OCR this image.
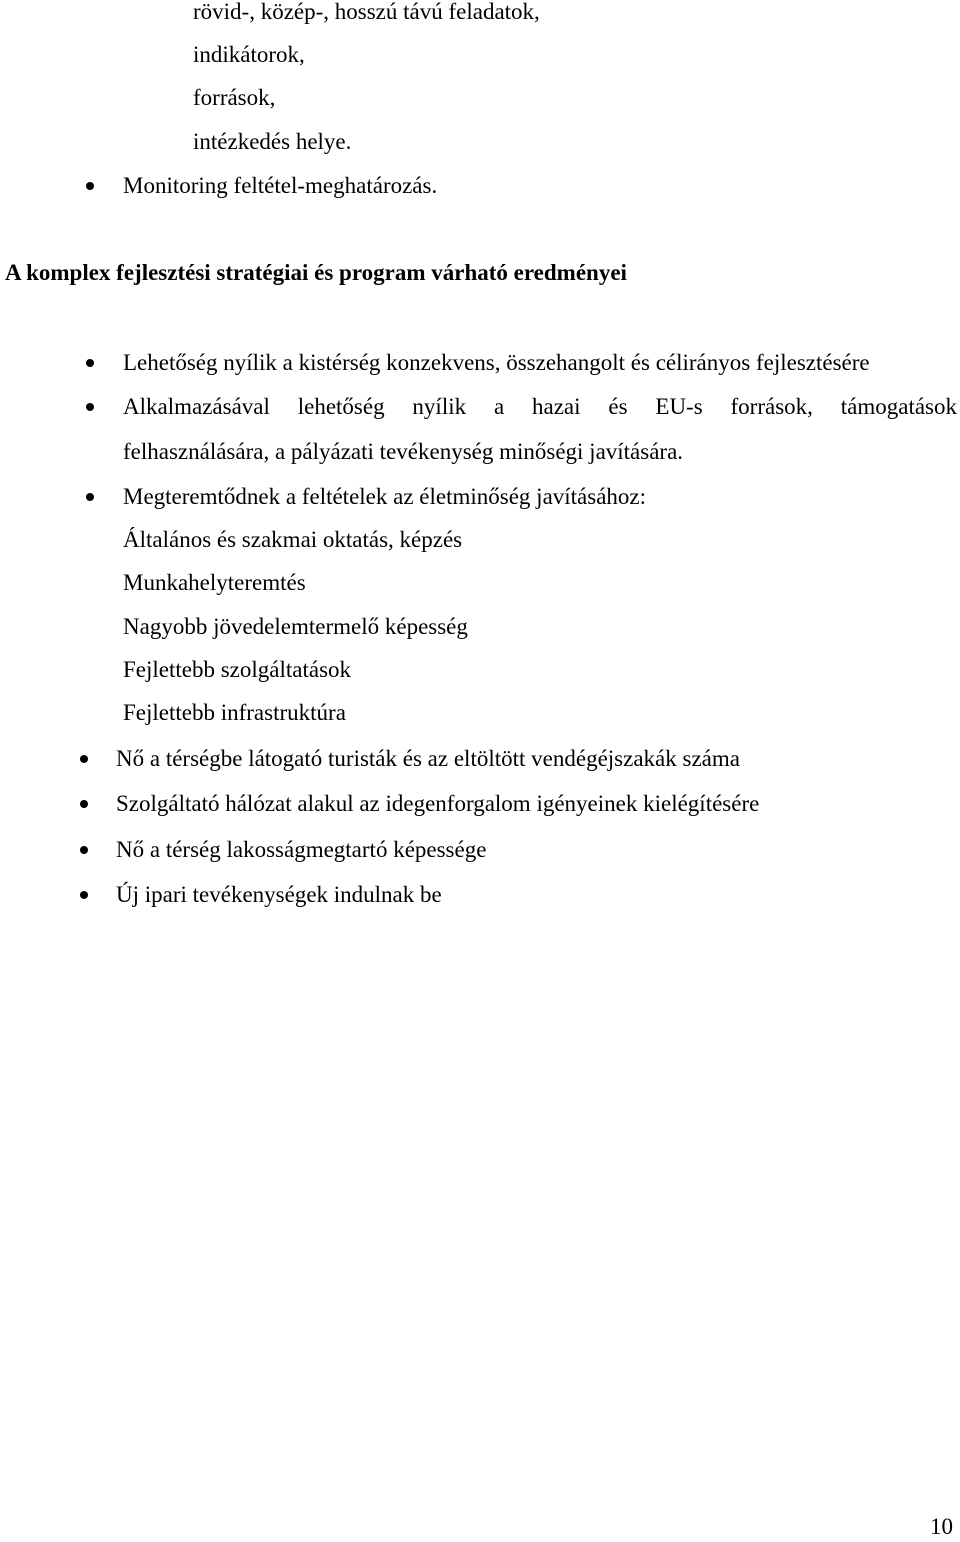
rövid-, közép-, hosszú távú feladatok,
indikátorok,
források,
intézkedés helye.
Monitoring feltétel-meghatározás.
A komplex fejlesztési stratégiai és program várható eredményei
Lehetőség nyílik a kistérség konzekvens, összehangolt és célirányos fejlesztésére
Alkalmazásával lehetőség nyílik a hazai és EU-s források, támogatások
felhasználására, a pályázati tevékenység minőségi javítására.
Megteremtődnek a feltételek az életminőség javításához:
Általános és szakmai oktatás, képzés
Munkahelyteremtés
Nagyobb jövedelemtermelő képesség
Fejlettebb szolgáltatások
Fejlettebb infrastruktúra
Nő a térségbe látogató turisták és az eltöltött vendégéjszakák száma
Szolgáltató hálózat alakul az idegenforgalom igényeinek kielégítésére
Nő a térség lakosságmegtartó képessége
Új ipari tevékenységek indulnak be
10
